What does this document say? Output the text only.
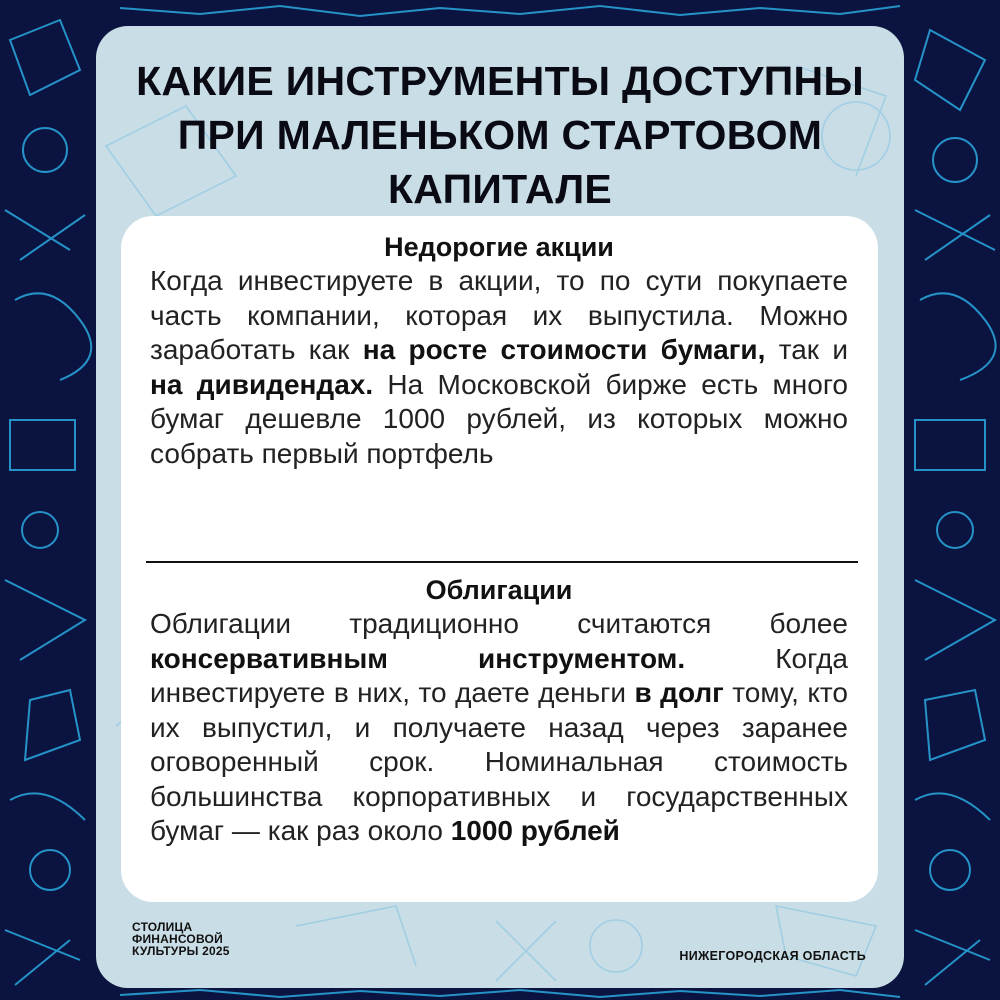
КАКИЕ ИНСТРУМЕНТЫ ДОСТУПНЫ
ПРИ МАЛЕНЬКОМ СТАРТОВОМ
КАПИТАЛЕ
Недорогие акции

Когда инвестируете в акции, то по сути покупаете часть компании, которая их выпустила. Можно заработать как на росте стоимости бумаги, так и на дивидендах. На Московской бирже есть много бумаг дешевле 1000 рублей, из которых можно собрать первый портфель

Облигации

Облигации традиционно считаются более консервативным инструментом. Когда инвестируете в них, то даете деньги в долг тому, кто их выпустил, и получаете назад через заранее оговоренный срок. Номинальная стоимость большинства корпоративных и государственных бумаг — как раз около 1000 рублей

СТОЛИЦА
ФИНАНСОВОЙ
КУЛЬТУРЫ 2025	НИЖЕГОРОДСКАЯ ОБЛАСТЬ
